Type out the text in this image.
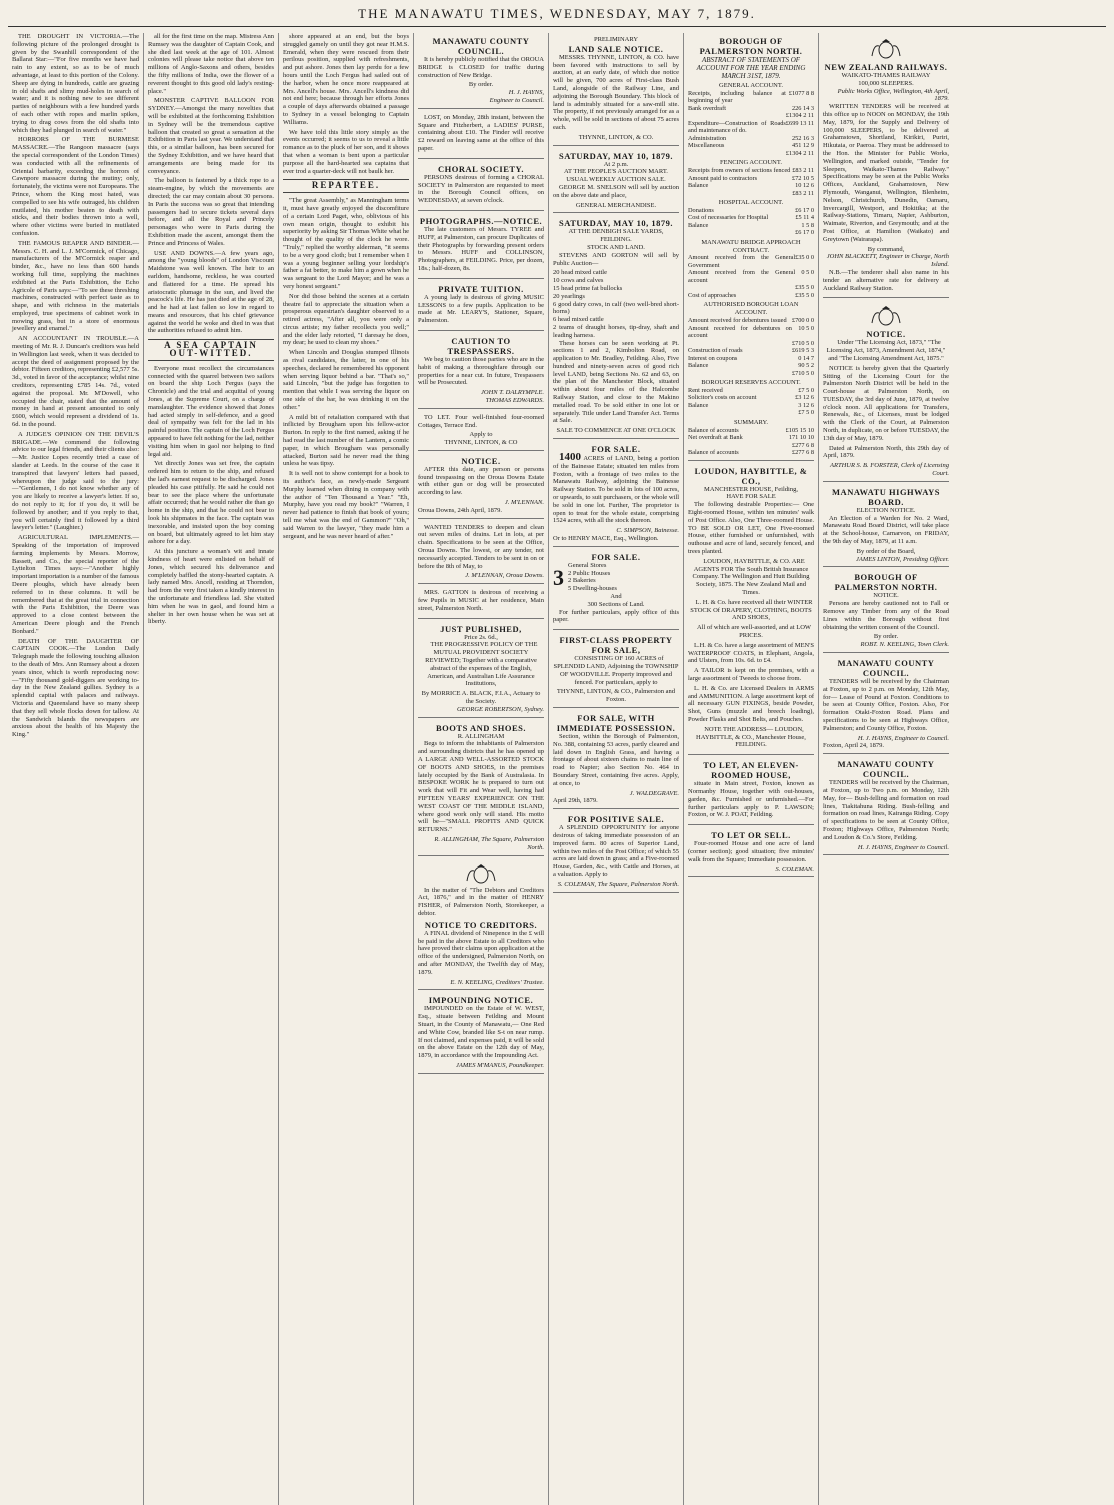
THE MANAWATU TIMES, WEDNESDAY, MAY 7, 1879.

THE DROUGHT IN VICTORIA.—The following picture of the prolonged drought is given by the Swanhill correspondent of the Ballarat Star:—"For five months we have had rain to any extent, so as to be of much advantage, at least to this portion of the Colony. Sheep are dying in hundreds, cattle are grazing in old shafts and slimy mud-holes in search of water; and it is nothing new to see different parties of neighbours with a few hundred yards of each other with ropes and marlin spikes, trying to drag cows from the old shafts into which they had plunged in search of water."

HORRORS OF THE BURMESE MASSACRE.—The Rangoon massacre (says the special correspondent of the London Times) was conducted with all the refinements of Oriental barbarity, exceeding the horrors of Cawnpore massacre during the mutiny; only, fortunately, the victims were not Europeans. The Prince, whom the King most hated, was compelled to see his wife outraged, his children mutilated, his mother beaten to death with sticks, and their bodies thrown into a well, where other victims were buried in mutilated confusion.

THE FAMOUS REAPER AND BINDER.—Messrs. C. H. and L. J. M'Cormick, of Chicago, manufacturers of the M'Cormick reaper and binder, &c., have no less than 600 hands working full time, supplying the machines exhibited at the Paris Exhibition, the Echo Agricole of Paris says:—"To see these threshing machines, constructed with perfect taste as to shape, and with richness in the materials employed, true specimens of cabinet work in mowing grass, but in a store of enormous jewellery and enamel."

AN ACCOUNTANT IN TROUBLE.—A meeting of Mr. R. J. Duncan's creditors was held in Wellington last week, when it was decided to accept the deed of assignment proposed by the debtor. Fifteen creditors, representing £2,577 5s. 3d., voted in favor of the acceptance; whilst nine creditors, representing £785 14s. 7d., voted against the proposal. Mr. M'Dowell, who occupied the chair, stated that the amount of money in hand at present amounted to only £600, which would represent a dividend of 1s. 6d. in the pound.

A JUDGE'S OPINION ON THE DEVIL'S BRIGADE.—We commend the following advice to our legal friends, and their clients also:—Mr. Justice Lopes recently tried a case of slander at Leeds. In the course of the case it transpired that lawyers' letters had passed, whereupon the judge said to the jury:—"Gentlemen, I do not know whether any of you are likely to receive a lawyer's letter. If so, do not reply to it; for if you do, it will be followed by another; and if you reply to that, you will certainly find it followed by a third lawyer's letter." (Laughter.)

AGRICULTURAL IMPLEMENTS.—Speaking of the importation of improved farming implements by Messrs. Morrow, Bassett, and Co., the special reporter of the Lyttelton Times says:—"Another highly important importation is a number of the famous Deere ploughs, which have already been referred to in these columns. It will be remembered that at the great trial in connection with the Paris Exhibition, the Deere was approved to a close contest between the American Deere plough and the French Bonbard."

DEATH OF THE DAUGHTER OF CAPTAIN COOK.—The London Daily Telegraph made the following touching allusion to the death of Mrs. Ann Rumsey about a dozen years since, which is worth reproducing now:—"Fifty thousand gold-diggers are working to-day in the New Zealand gullies. Sydney is a splendid capital with palaces and railways. Victoria and Queensland have so many sheep that they sell whole flocks down for tallow. At the Sandwich Islands the newspapers are anxious about the health of his Majesty the King."

all for the first time on the map. Mistress Ann Rumsey was the daughter of Captain Cook, and she died last week at the age of 101. Almost colonies will please take notice that above ten millions of Anglo-Saxons and others, besides the fifty millions of India, owe the flower of a reverent thought to this good old lady's resting-place."

MONSTER CAPTIVE BALLOON FOR SYDNEY.—Amongst the many novelties that will be exhibited at the forthcoming Exhibition in Sydney will be the tremendous captive balloon that created so great a sensation at the Exhibition in Paris last year. We understand that this, or a similar balloon, has been secured for the Sydney Exhibition, and we have heard that arrangements are being made for its conveyance.

The balloon is fastened by a thick rope to a steam-engine, by which the movements are directed; the car may contain about 30 persons. In Paris the success was so great that intending passengers had to secure tickets several days before, and all the Royal and Princely personages who were in Paris during the Exhibition made the ascent, amongst them the Prince and Princess of Wales.

USE AND DOWNS.—A few years ago, among the "young bloods" of London Viscount Maidstone was well known. The heir to an earldom, handsome, reckless, he was courted and flattered for a time. He spread his aristocratic plumage in the sun, and lived the peacock's life. He has just died at the age of 28, and he had at last fallen so low in regard to means and resources, that his chief grievance against the world he woke and died in was that the authorities refused to admit him.

A SEA CAPTAIN OUT-WITTED.

Everyone must recollect the circumstances connected with the quarrel between two sailors on board the ship Loch Fergus (says the Chronicle) and the trial and acquittal of young Jones, at the Supreme Court, on a charge of manslaughter. The evidence showed that Jones had acted simply in self-defence, and a good deal of sympathy was felt for the lad in his painful position. The captain of the Loch Fergus appeared to have felt nothing for the lad, neither visiting him when in gaol nor helping to find legal aid.

Yet directly Jones was set free, the captain ordered him to return to the ship, and refused the lad's earnest request to be discharged. Jones pleaded his case pitifully. He said he could not bear to see the place where the unfortunate affair occurred; that he would rather die than go home in the ship, and that he could not bear to look his shipmates in the face. The captain was inexorable, and insisted upon the boy coming on board, but ultimately agreed to let him stay ashore for a day.

At this juncture a woman's wit and innate kindness of heart were enlisted on behalf of Jones, which secured his deliverance and completely baffled the stony-hearted captain. A lady named Mrs. Ancell, residing at Thorndon, had from the very first taken a kindly interest in the unfortunate and friendless lad. She visited him when he was in gaol, and found him a shelter in her own house when he was set at liberty.

shore appeared at an end, but the boys struggled gamely on until they got near H.M.S. Emerald, when they were rescued from their perilous position, supplied with refreshments, and put ashore. Jones then lay perdu for a few hours until the Loch Fergus had sailed out of the harbor, when he once more reappeared at Mrs. Ancell's house. Mrs. Ancell's kindness did not end here; because through her efforts Jones a couple of days afterwards obtained a passage to Sydney in a vessel belonging to Captain Williams.

We have told this little story simply as the events occurred; it seems to us to reveal a little romance as to the pluck of her son, and it shows that when a woman is bent upon a particular purpose all the hard-hearted sea captains that ever trod a quarter-deck will not baulk her.

REPARTEE.

"The great Assembly," as Manningham terms it, must have greatly enjoyed the discomfiture of a certain Lord Paget, who, oblivious of his own mean origin, thought to exhibit his superiority by asking Sir Thomas White what he thought of the quality of the clock he wore. "Truly," replied the worthy alderman, "it seems to be a very good cloth; but I remember when I was a young beginner selling your lordship's father a fat better, to make him a gown when he was sergeant to the Lord Mayor; and he was a very honest sergeant."

Nor did those behind the scenes at a certain theatre fail to appreciate the situation when a prosperous equestrian's daughter observed to a retired actress, "After all, you were only a circus artiste; my father recollects you well;" and the elder lady retorted, "I daresay he does, my dear; he used to clean my shoes."

When Lincoln and Douglas stumped Illinois as rival candidates, the latter, in one of his speeches, declared he remembered his opponent when serving liquor behind a bar. "That's so," said Lincoln, "but the judge has forgotten to mention that while I was serving the liquor on one side of the bar, he was drinking it on the other."

A mild bit of retaliation compared with that inflicted by Brougham upon his fellow-actor Burton. In reply to the first named, asking if he had read the last number of the Lantern, a comic paper, in which Brougham was personally attacked, Burton said he never read the thing unless he was tipsy.

It is well not to show contempt for a book to its author's face, as newly-made Sergeant Murphy learned when dining in company with the author of "Ten Thousand a Year." "Eh, Murphy, have you read my book?" "Warren, I never had patience to finish that book of yours; tell me what was the end of Gammon?" "Oh," said Warren to the lawyer, "they made him a sergeant, and he was never heard of after."

MANAWATU COUNTY COUNCIL.

It is hereby publicly notified that the OROUA BRIDGE is CLOSED for traffic during construction of New Bridge.

By order.
H. J. HAYNS,
Engineer to Council.

LOST, on Monday, 28th instant, between the Square and Fitzherbert, a LADIES' PURSE, containing about £10. The Finder will receive £2 reward on leaving same at the office of this paper.

CHORAL SOCIETY.

PERSONS desirous of forming a CHORAL SOCIETY in Palmerston are requested to meet in the Borough Council offices, on WEDNESDAY, at seven o'clock.

PHOTOGRAPHS.—NOTICE.

The late customers of Messrs. TYREE and HUFF, at Palmerston, can procure Duplicates of their Photographs by forwarding present orders to Messrs. HUFF and COLLINSON, Photographers, at FEILDING. Price, per dozen, 18s.; half-dozen, 8s.

PRIVATE TUITION.

A young lady is desirous of giving MUSIC LESSONS to a few pupils. Application to be made at Mr. LEARY'S, Stationer, Square, Palmerston.

CAUTION TO TRESPASSERS.

We beg to caution those parties who are in the habit of making a thoroughfare through our properties for a near cut. In future, Trespassers will be Prosecuted.

JOHN T. DALRYMPLE.
THOMAS EDWARDS.

TO LET. Four well-finished four-roomed Cottages, Terrace End.

Apply to
THYNNE, LINTON, & CO
NOTICE.

AFTER this date, any person or persons found trespassing on the Oroua Downs Estate with either gun or dog will be prosecuted according to law.

J. M'LENNAN.
Oroua Downs, 24th April, 1879.

WANTED TENDERS to deepen and clean out seven miles of drains. Let in lots, at per chain. Specifications to be seen at the Office, Oroua Downs. The lowest, or any tender, not necessarily accepted. Tenders to be sent in on or before the 8th of May, to

J. M'LENNAN, Oroua Downs.

MRS. GATTON is desirous of receiving a few Pupils in MUSIC at her residence, Main street, Palmerston North.

JUST PUBLISHED,
Price 2s. 6d.,

THE PROGRESSIVE POLICY OF THE MUTUAL PROVIDENT SOCIETY REVIEWED; Together with a comparative abstract of the expenses of the English, American, and Australian Life Assurance Institutions,

By MORRICE A. BLACK, F.I.A., Actuary to the Society.
GEORGE ROBERTSON, Sydney.
BOOTS AND SHOES.
R. ALLINGHAM

Begs to inform the inhabitants of Palmerston and surrounding districts that he has opened up A LARGE AND WELL-ASSORTED STOCK OF BOOTS AND SHOES, in the premises lately occupied by the Bank of Australasia. In BESPOKE WORK he is prepared to turn out work that will Fit and Wear well, having had FIFTEEN YEARS' EXPERIENCE ON THE WEST COAST OF THE MIDDLE ISLAND, where good work only will stand. His motto will be—"SMALL PROFITS AND QUICK RETURNS."

R. ALLINGHAM, The Square, Palmerston North.

In the matter of "The Debtors and Creditors Act, 1876," and in the matter of HENRY FISHER, of Palmerston North, Storekeeper, a debtor.

NOTICE TO CREDITORS.

A FINAL dividend of Ninepence in the £ will be paid in the above Estate to all Creditors who have proved their claims upon application at the office of the undersigned, Palmerston North, on and after MONDAY, the Twelfth day of May, 1879.

E. N. KEELING, Creditors' Trustee.
IMPOUNDING NOTICE.

IMPOUNDED on the Estate of W. WEST, Esq., situate between Feilding and Mount Stuart, in the County of Manawatu,— One Red and White Cow, branded like S-t on near rump. If not claimed, and expenses paid, it will be sold on the above Estate on the 12th day of May, 1879, in accordance with the Impounding Act.

JAMES M'MANUS, Poundkeeper.
PRELIMINARY
LAND SALE NOTICE.

MESSRS. THYNNE, LINTON, & CO. have been favored with instructions to sell by auction, at an early date, of which due notice will be given, 700 acres of First-class Bush Land, alongside of the Railway Line, and adjoining the Borough Boundary. This block of land is admirably situated for a saw-mill site. The property, if not previously arranged for as a whole, will be sold in sections of about 75 acres each.

THYNNE, LINTON, & CO.
SATURDAY, MAY 10, 1879.
At 2 p.m.
AT THE PEOPLE'S AUCTION MART.
USUAL WEEKLY AUCTION SALE.

GEORGE M. SNELSON will sell by auction on the above date and place,

GENERAL MERCHANDISE.
SATURDAY, MAY 10, 1879.
AT THE DENBIGH SALE YARDS, FEILDING.
STOCK AND LAND.

STEVENS AND GORTON will sell by Public Auction—

20 head mixed cattle
10 cows and calves
15 head prime fat bullocks
20 yearlings
6 good dairy cows, in calf (two well-bred short-horns)
6 head mixed cattle
2 teams of draught horses, tip-dray, shaft and leading harness.

These horses can be seen working at Pt. sections 1 and 2, Kimbolton Road, on application to Mr. Bradley, Feilding. Also, Five hundred and ninety-seven acres of good rich level LAND, being Sections No. 62 and 63, on the plan of the Manchester Block, situated within about four miles of the Halcombe Railway Station, and close to the Makino metalled road. To be sold either in one lot or separately. Title under Land Transfer Act. Terms at Sale.

SALE TO COMMENCE AT ONE O'CLOCK
FOR SALE.

1400 ACRES of LAND, being a portion of the Bainesse Estate; situated ten miles from Foxton, with a frontage of two miles to the Manawatu Railway, adjoining the Bainesse Railway Station. To be sold in lots of 100 acres, or upwards, to suit purchasers, or the whole will be sold in one lot. Further, The proprietor is open to treat for the whole estate, comprising 1524 acres, with all the stock thereon.

C. SIMPSON, Bainesse.
Or to HENRY MACE, Esq., Wellington.
FOR SALE.
3 General Stores
2 Public Houses
2 Bakeries
5 Dwelling-houses
And
300 Sections of Land.

For further particulars, apply office of this paper.

FIRST-CLASS PROPERTY FOR SALE,

CONSISTING OF 160 ACRES of SPLENDID LAND, Adjoining the TOWNSHIP OF WOODVILLE. Property improved and fenced. For particulars, apply to

THYNNE, LINTON, & CO., Palmerston and Foxton.
FOR SALE, WITH IMMEDIATE POSSESSION.

Section, within the Borough of Palmerston, No. 388, containing 53 acres, partly cleared and laid down in English Grass, and having a frontage of about sixteen chains to main line of road to Napier; also Section No. 464 in Boundary Street, containing five acres. Apply, at once, to

J. WALDEGRAVE.
April 29th, 1879.
FOR POSITIVE SALE.

A SPLENDID OPPORTUNITY for anyone desirous of taking immediate possession of an improved farm. 80 acres of Superior Land, within two miles of the Post Office; of which 55 acres are laid down in grass; and a Five-roomed House, Garden, &c., with Cattle and Horses, at a valuation. Apply to

S. COLEMAN, The Square, Palmerston North.
BOROUGH OF PALMERSTON NORTH.
ABSTRACT OF STATEMENTS OF ACCOUNT FOR THE YEAR ENDING MARCH 31ST, 1879.
GENERAL ACCOUNT.
Receipts, including balance at beginning of year	£1077 8 8
Bank overdraft	226 14 3
	£1304 2 11
Expenditure—Construction of Roads and maintenance of do.	£699 13 11
Administration	252 16 3
Miscellaneous	451 12 9
	£1304 2 11
FENCING ACCOUNT.
Receipts from owners of sections fenced	£83 2 11
Amount paid to contractors	£72 10 5
Balance	10 12 6
	£83 2 11
HOSPITAL ACCOUNT.
Donations	£6 17 0
Cost of necessaries for Hospital	£5 11 4
Balance	1 5 8
	£6 17 0
MANAWATU BRIDGE APPROACH CONTRACT.
Amount received from the General Government	£35 0 0
Amount received from the General account	0 5 0
	£35 5 0
Cost of approaches	£35 5 0
AUTHORISED BOROUGH LOAN ACCOUNT.
Amount received for debentures issued	£700 0 0
Amount received for debentures on account	10 5 0
	£710 5 0
Construction of roads	£619 5 3
Interest on coupons	0 14 7
Balance	90 5 2
	£710 5 0
BOROUGH RESERVES ACCOUNT.
Rent received	£7 5 0
Solicitor's costs on account	£3 12 6
Balance	3 12 6
	£7 5 0
SUMMARY.
Balance of accounts	£105 15 10
Net overdraft at Bank	171 10 10
	£277 6 8
Balance of accounts	£277 6 8
LOUDON, HAYBITTLE, & CO.,
MANCHESTER HOUSE, Feilding,
HAVE FOR SALE

The following desirable Properties:— One Eight-roomed House, within ten minutes' walk of Post Office. Also, One Three-roomed House. TO BE SOLD OR LET, One Five-roomed House, either furnished or unfurnished, with outhouse and acre of land, securely fenced, and trees planted.

LOUDON, HAYBITTLE, & CO. ARE AGENTS FOR The South British Insurance Company. The Wellington and Hutt Building Society, 1875. The New Zealand Mail and Times.

L. H. & Co. have received all their WINTER STOCK Of DRAPERY, CLOTHING, BOOTS AND SHOES,

All of which are well-assorted, and at LOW PRICES.

L.H. & Co. have a large assortment of MEN'S WATERPROOF COATS, in Elephant, Angola, and Ulsters, from 10s. 6d. to £4.

A TAILOR is kept on the premises, with a large assortment of Tweeds to choose from.

L. H. & Co. are Licensed Dealers in ARMS and AMMUNITION. A large assortment kept of all necessary GUN FIXINGS, beside Powder, Shot, Guns (muzzle and breech loading), Powder Flasks and Shot Belts, and Pouches.

NOTE THE ADDRESS— LOUDON, HAYBITTLE, & CO., Manchester House, FEILDING.

TO LET, AN ELEVEN-ROOMED HOUSE,

situate in Main street, Foxton, known as Normanby House, together with out-houses, garden, &c. Furnished or unfurnished.—For further particulars apply to P. LAWSON; Foxton, or W. J. POAT, Feilding.

TO LET OR SELL.

Four-roomed House and one acre of land (corner section); good situation; five minutes' walk from the Square; Immediate possession.

S. COLEMAN.
NEW ZEALAND RAILWAYS.
WAIKATO-THAMES RAILWAY
100,000 SLEEPERS.
Public Works Office, Wellington, 4th April, 1879.

WRITTEN TENDERS will be received at this office up to NOON on MONDAY, the 19th May, 1879, for the Supply and Delivery of 100,000 SLEEPERS, to be delivered at Grahamstown, Shortland, Kirikiri, Puriri, Hikutaia, or Paeroa. They must be addressed to the Hon. the Minister for Public Works, Wellington, and marked outside, "Tender for Sleepers, Waikato-Thames Railway." Specifications may be seen at the Public Works Offices, Auckland, Grahamstown, New Plymouth, Wanganui, Wellington, Blenheim, Nelson, Christchurch, Dunedin, Oamaru, Invercargill, Westport, and Hokitika; at the Railway-Stations, Timaru, Napier, Ashburton, Waimate, Riverton, and Greymouth; and at the Post Office, at Hamilton (Waikato) and Greytown (Wairarapa).

By command,
JOHN BLACKETT, Engineer in Charge, North Island.

N.B.—The tenderer shall also name in his tender an alternative rate for delivery at Auckland Railway Station.

NOTICE.

Under "The Licensing Act, 1873," "The Licensing Act, 1873, Amendment Act, 1874," and "The Licensing Amendment Act, 1875."

NOTICE is hereby given that the Quarterly Sitting of the Licensing Court for the Palmerston North District will be held in the Court-house at Palmerston North, on TUESDAY, the 3rd day of June, 1879, at twelve o'clock noon. All applications for Transfers, Renewals, &c., of Licenses, must be lodged with the Clerk of the Court, at Palmerston North, in duplicate, on or before TUESDAY, the 13th day of May, 1879.

Dated at Palmerston North, this 29th day of April, 1879.

ARTHUR S. B. FORSTER, Clerk of Licensing Court.
MANAWATU HIGHWAYS BOARD.
ELECTION NOTICE.

An Election of a Warden for No. 2 Ward, Manawatu Road Board District, will take place at the School-house, Carnarvon, on FRIDAY, the 9th day of May, 1879, at 11 a.m.

By order of the Board,
JAMES LINTON, Presiding Officer.
BOROUGH OF PALMERSTON NORTH.
NOTICE.

Persons are hereby cautioned not to Fall or Remove any Timber from any of the Road Lines within the Borough without first obtaining the written consent of the Council.

By order.
ROBT. N. KEELING, Town Clerk.
MANAWATU COUNTY COUNCIL.

TENDERS will be received by the Chairman at Foxton, up to 2 p.m. on Monday, 12th May, for— Lease of Pound at Foxton. Conditions to be seen at County Office, Foxton. Also, For formation Otaki-Foxton Road. Plans and specifications to be seen at Highways Office, Palmerston; and County Office, Foxton.

H. J. HAYNS, Engineer to Council.
Foxton, April 24, 1879.
MANAWATU COUNTY COUNCIL.

TENDERS will be received by the Chairman, at Foxton, up to Two p.m. on Monday, 12th May, for— Bush-felling and formation on road lines, Tiakitahuna Riding. Bush-felling and formation on road lines, Kairanga Riding. Copy of specifications to be seen at County Office, Foxton; Highways Office, Palmerston North; and Loudon & Co.'s Store, Feilding.

H. J. HAYNS, Engineer to Council.
